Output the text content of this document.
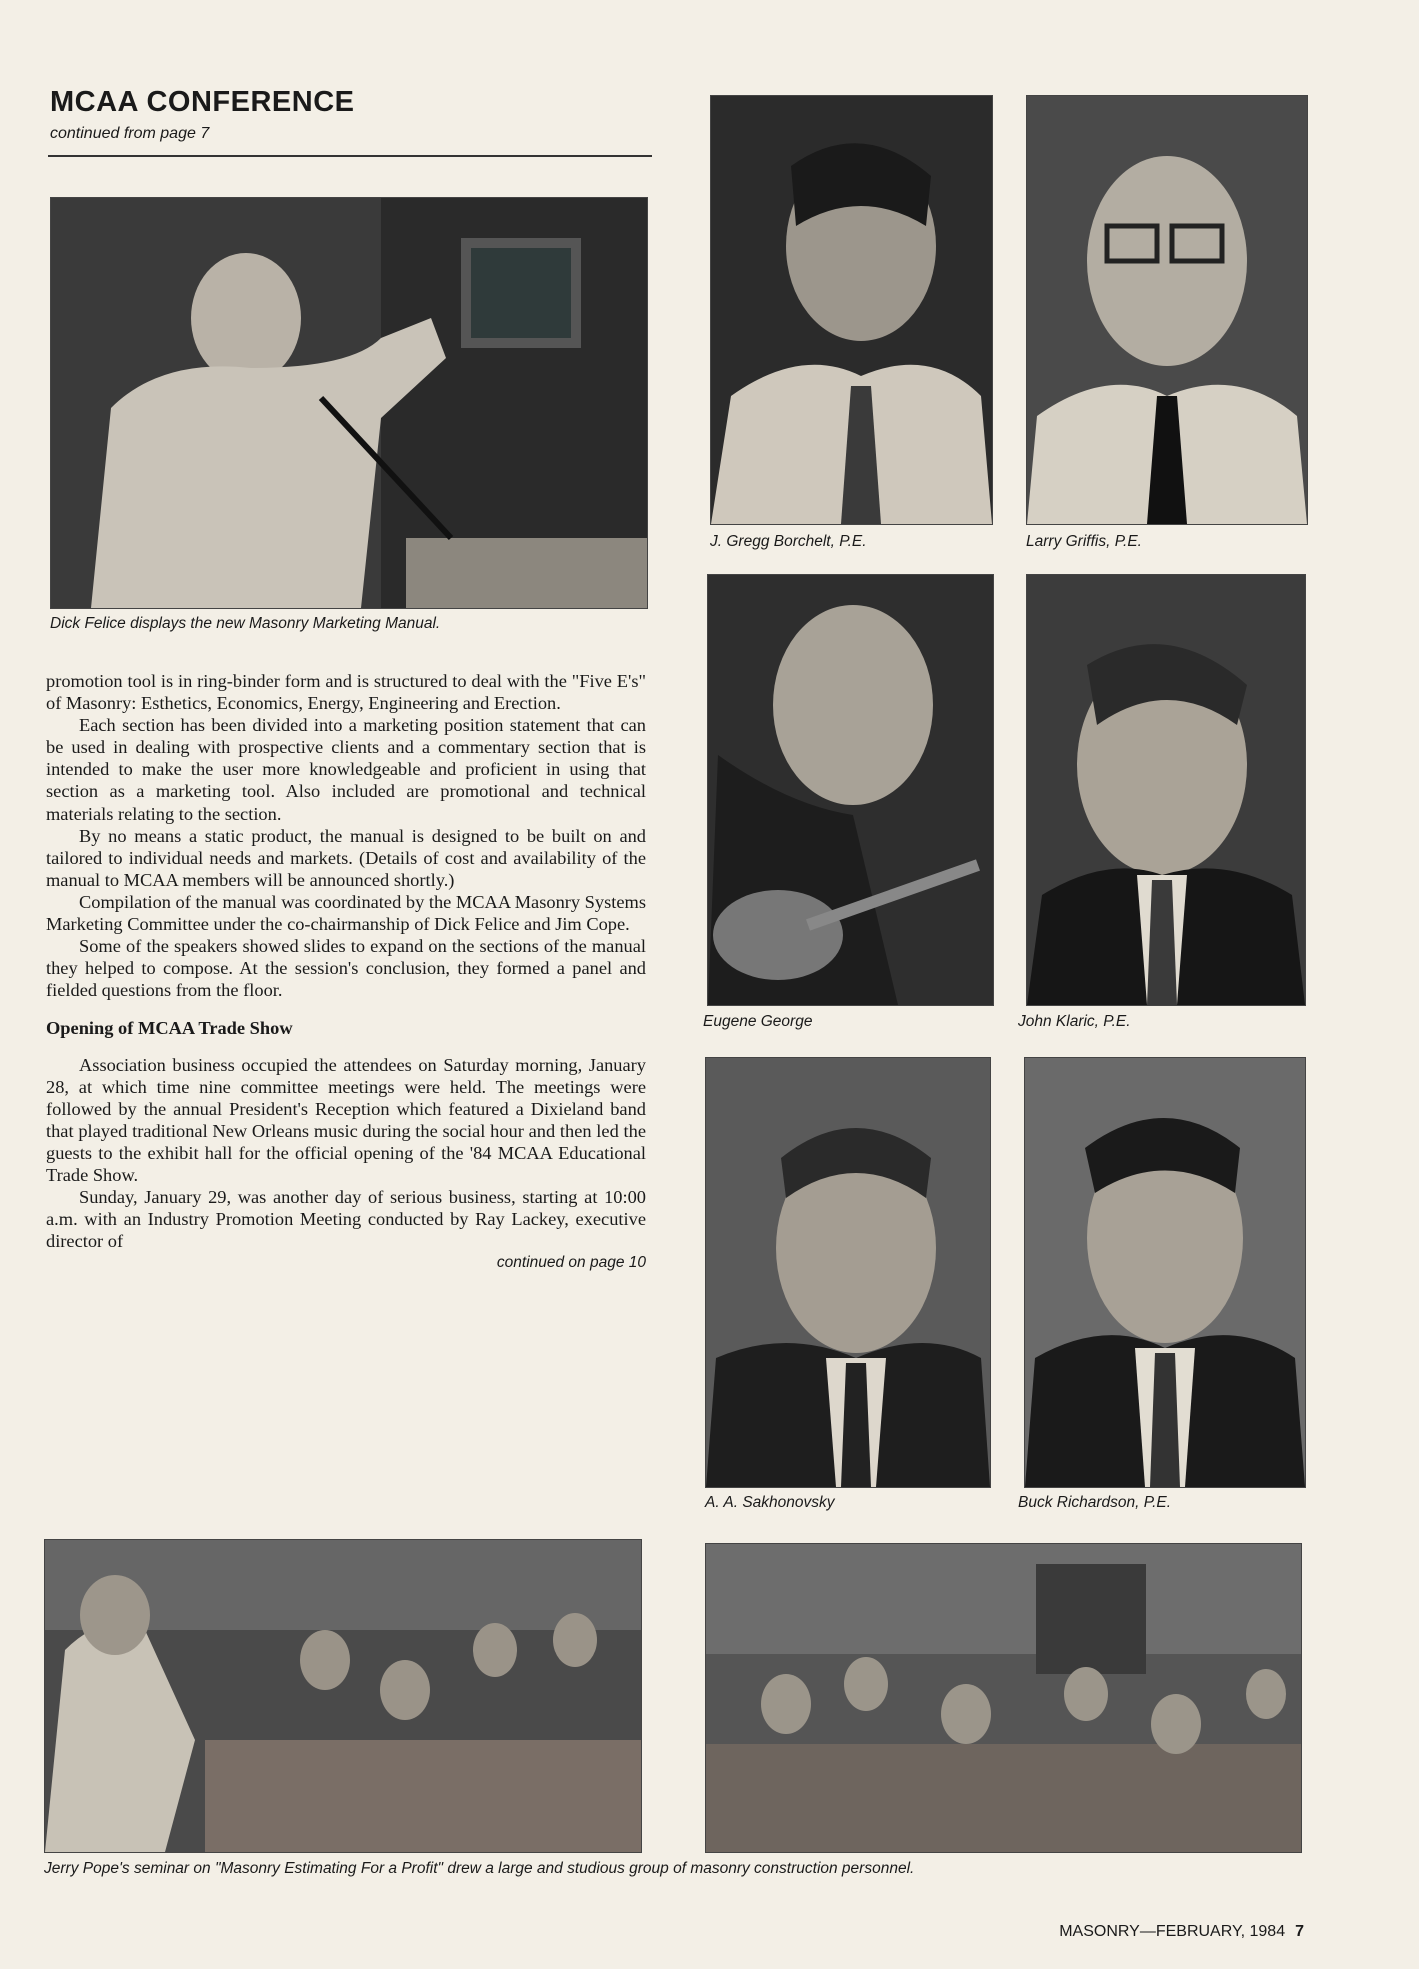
MCAA CONFERENCE
continued from page 7
Dick Felice displays the new Masonry Marketing Manual.
J. Gregg Borchelt, P.E.	Larry Griffis, P.E.
Eugene George	John Klaric, P.E.
A. A. Sakhonovsky	Buck Richardson, P.E.

promotion tool is in ring-binder form and is structured to deal with the "Five E's" of Masonry: Esthetics, Economics, Energy, Engineering and Erection.

Each section has been divided into a marketing position statement that can be used in dealing with prospective clients and a commentary section that is intended to make the user more knowledgeable and proficient in using that section as a marketing tool. Also included are promotional and technical materials relating to the section.

By no means a static product, the manual is designed to be built on and tailored to individual needs and markets. (Details of cost and availability of the manual to MCAA members will be announced shortly.)

Compilation of the manual was coordinated by the MCAA Masonry Systems Marketing Committee under the co-chairmanship of Dick Felice and Jim Cope.

Some of the speakers showed slides to expand on the sections of the manual they helped to compose. At the session's conclusion, they formed a panel and fielded questions from the floor.

Opening of MCAA Trade Show

Association business occupied the attendees on Saturday morning, January 28, at which time nine committee meetings were held. The meetings were followed by the annual President's Reception which featured a Dixieland band that played traditional New Orleans music during the social hour and then led the guests to the exhibit hall for the official opening of the '84 MCAA Educational Trade Show.

Sunday, January 29, was another day of serious business, starting at 10:00 a.m. with an Industry Promotion Meeting conducted by Ray Lackey, executive director of

continued on page 10
Jerry Pope's seminar on "Masonry Estimating For a Profit" drew a large and studious group of masonry construction personnel.
MASONRY—FEBRUARY, 1984 7
